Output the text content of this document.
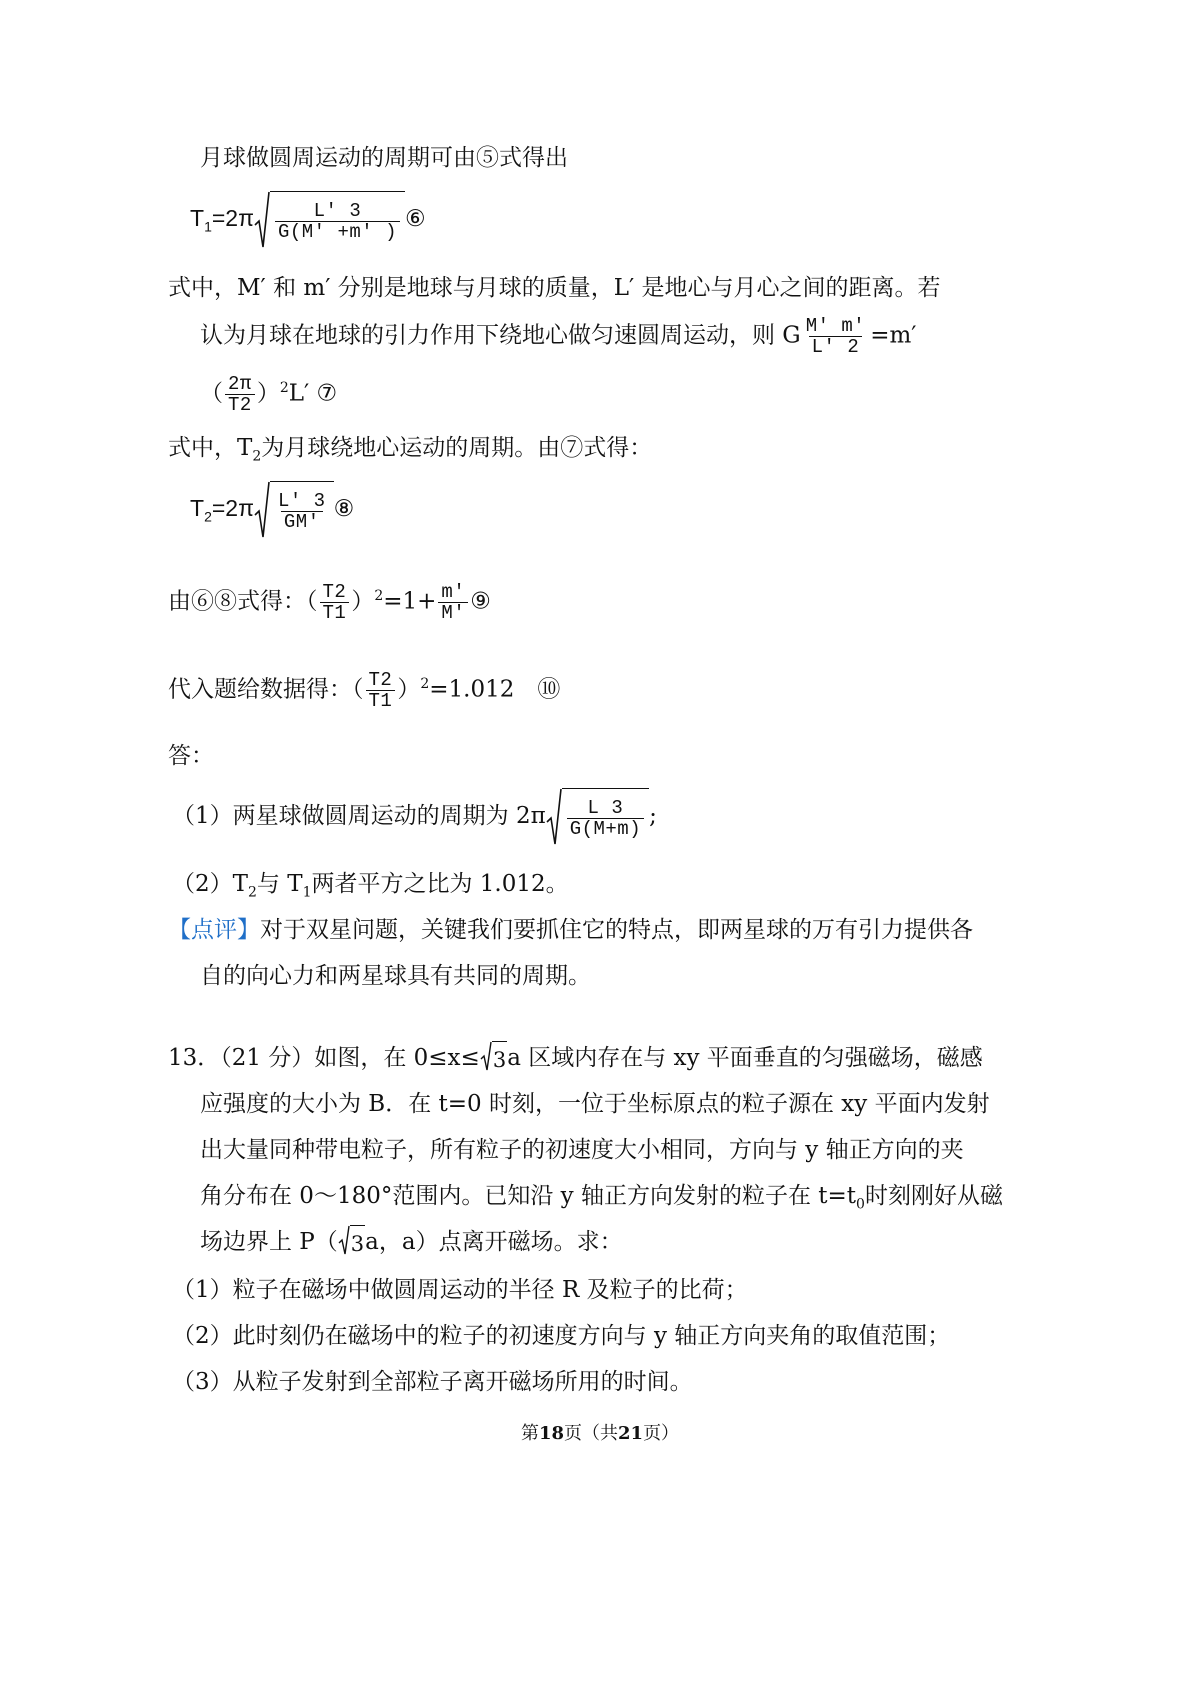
月球做圆周运动的周期可由⑤式得出
$T_1=2\pi \frac{L' 3}{G(M' +m' )}$ ⑥
式中，M′ 和 m′ 分别是地球与月球的质量，L′ 是地心与月心之间的距离。若
认为月球在地球的引力作用下绕地心做匀速圆周运动，则 G $\frac{M' m'}{L' 2} =m'$
（ $\frac{2\pi}{T2} )^2L'$ ⑦
式中，$T_2$为月球绕地心运动的周期。由⑦式得：
$T_2=2\pi \frac{L' 3}{GM'}$ ⑧
由⑥⑧式得：（ $\frac{T2}{T1} )^2=1+ \frac{m'}{M'}$ ⑨
代入题给数据得：（ $\frac{T2}{T1} )^2=1.012$　⑩
答：
（1）两星球做圆周运动的周期为 $2\pi \frac{L 3}{G(M+m)}$ ;
$(2)T_2$与 $T_1$两者平方之比为 1.012。
【点评】对于双星问题，关键我们要抓住它的特点，即两星球的万有引力提供各
自的向心力和两星球具有共同的周期。
13．（21 分）如图，在 0≤x≤ 3 a 区域内存在与 xy 平面垂直的匀强磁场，磁感
应强度的大小为 B．在 t=0 时刻，一位于坐标原点的粒子源在 xy 平面内发射
出大量同种带电粒子，所有粒子的初速度大小相同，方向与 y 轴正方向的夹
角分布在 0～180°范围内。已知沿 y 轴正方向发射的粒子在 $t=t_0$时刻刚好从磁
场边界上 P（ 3 a，a）点离开磁场。求：
（1）粒子在磁场中做圆周运动的半径 R 及粒子的比荷；
（2）此时刻仍在磁场中的粒子的初速度方向与 y 轴正方向夹角的取值范围；
（3）从粒子发射到全部粒子离开磁场所用的时间。
第18页（共21页）
